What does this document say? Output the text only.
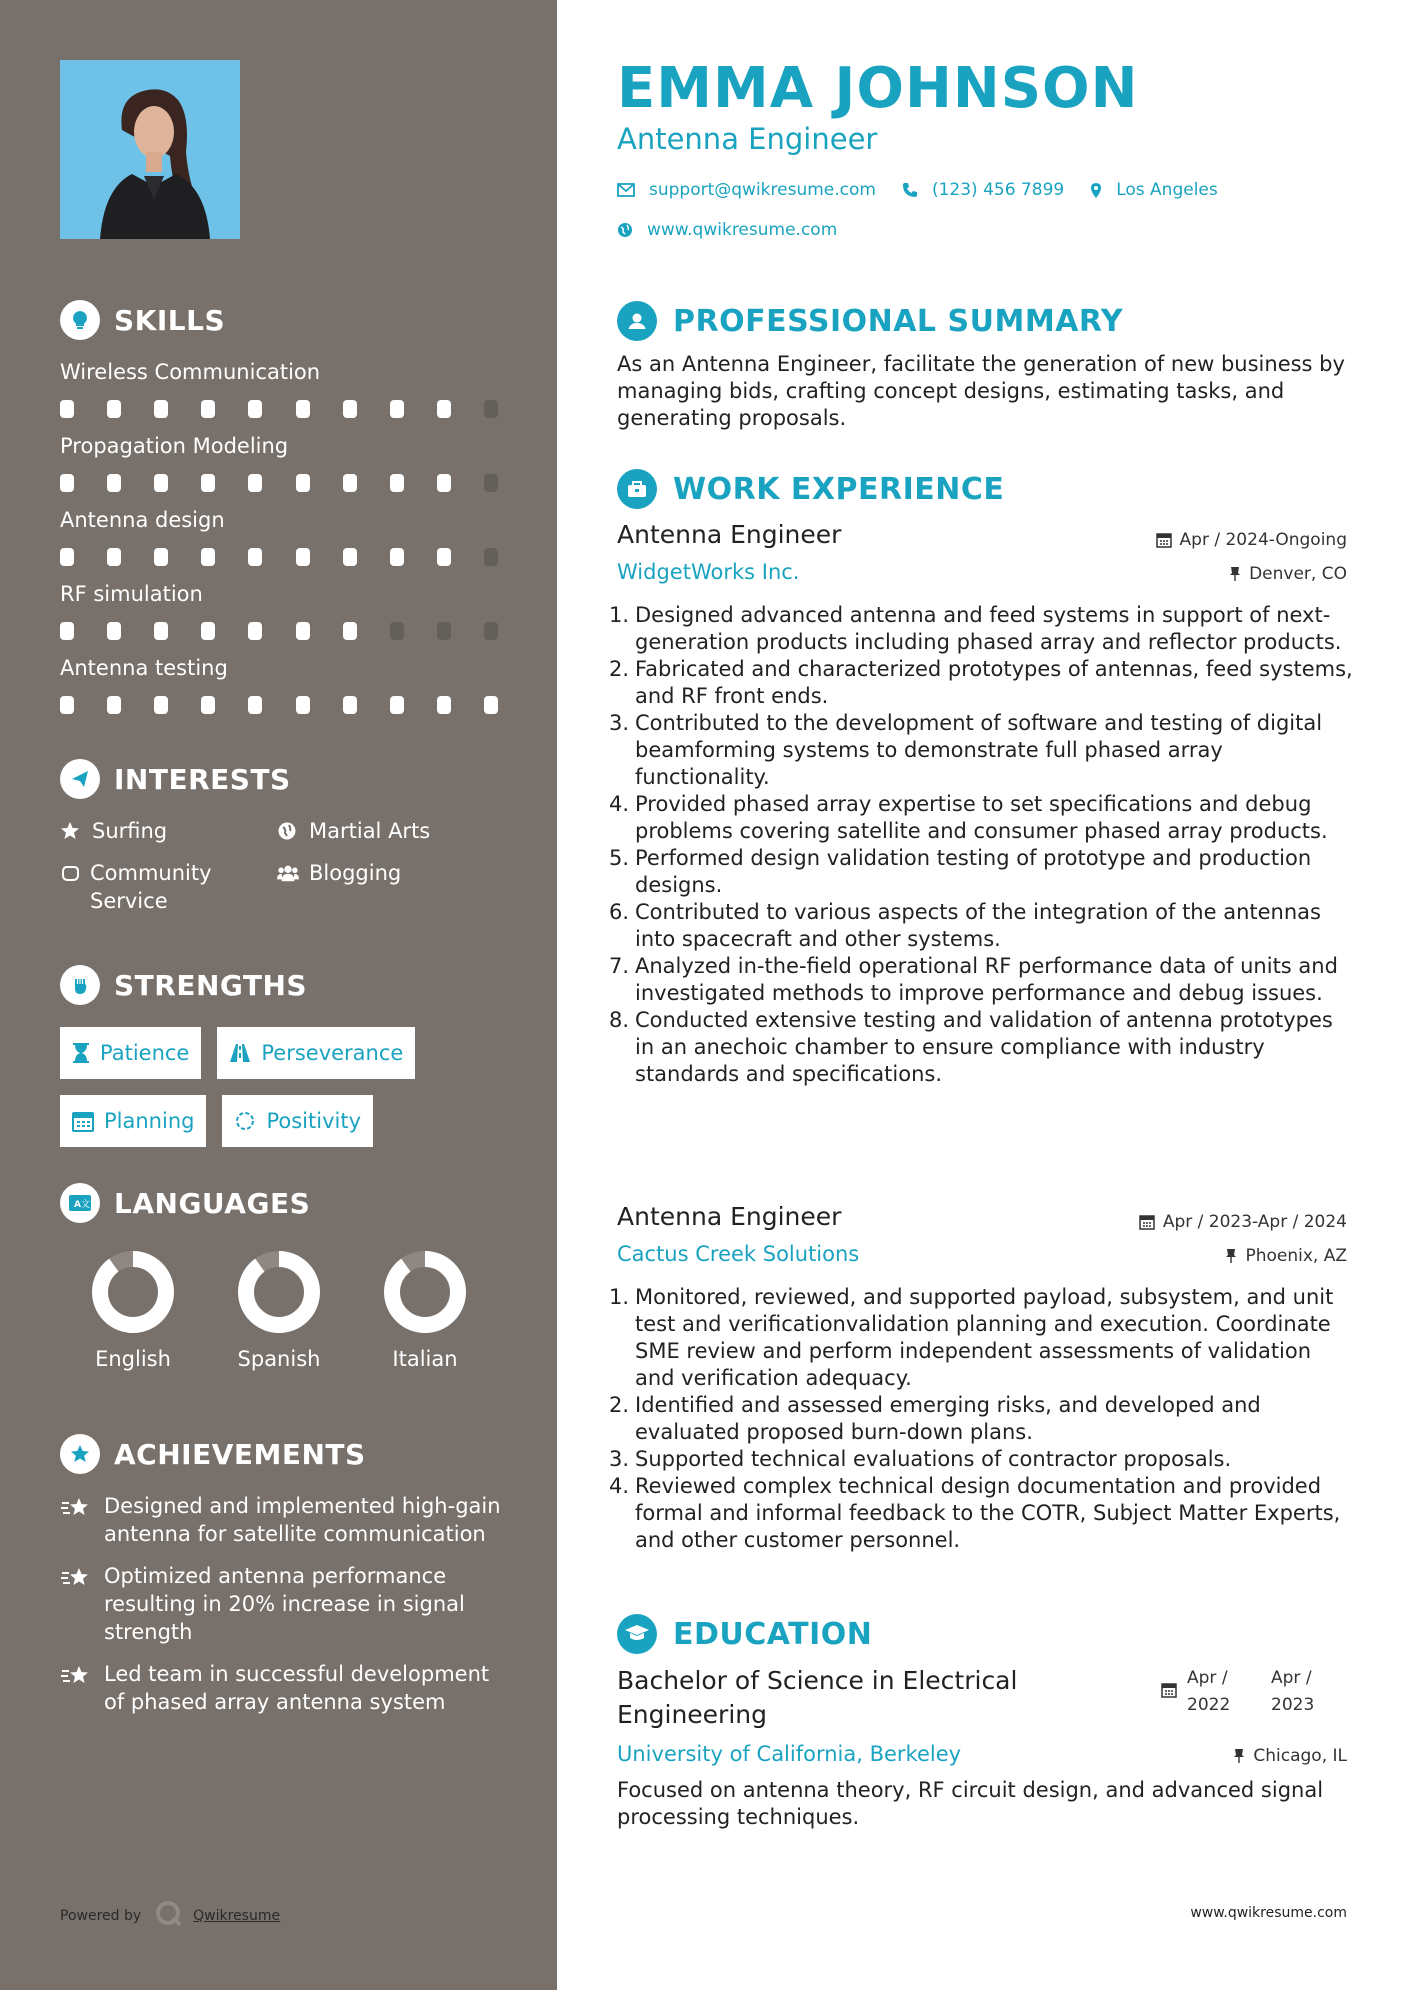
SKILLS
Wireless Communication
Propagation Modeling
Antenna design
RF simulation
Antenna testing
INTERESTS
Surfing	Martial Arts
Community Service
Blogging
STRENGTHS
Patience	Perseverance
Planning	Positivity
A 文 LANGUAGES
English	Spanish	Italian
ACHIEVEMENTS
Designed and implemented high-gain antenna for satellite communication
Optimized antenna performance resulting in 20% increase in signal strength
Led team in successful development of phased array antenna system
Powered by	Qwikresume
EMMA JOHNSON
Antenna Engineer
support@qwikresume.com	(123) 456 7899	Los Angeles
www.qwikresume.com
PROFESSIONAL SUMMARY
As an Antenna Engineer, facilitate the generation of new business by managing bids, crafting concept designs, estimating tasks, and generating proposals.
WORK EXPERIENCE
Antenna Engineer	Apr / 2024-Ongoing
WidgetWorks Inc.	Denver, CO
Designed advanced antenna and feed systems in support of next-generation products including phased array and reflector products.
Fabricated and characterized prototypes of antennas, feed systems, and RF front ends.
Contributed to the development of software and testing of digital beamforming systems to demonstrate full phased array functionality.
Provided phased array expertise to set specifications and debug problems covering satellite and consumer phased array products.
Performed design validation testing of prototype and production designs.
Contributed to various aspects of the integration of the antennas into spacecraft and other systems.
Analyzed in-the-field operational RF performance data of units and investigated methods to improve performance and debug issues.
Conducted extensive testing and validation of antenna prototypes in an anechoic chamber to ensure compliance with industry standards and specifications.
Antenna Engineer	Apr / 2023-Apr / 2024
Cactus Creek Solutions	Phoenix, AZ
Monitored, reviewed, and supported payload, subsystem, and unit test and verificationvalidation planning and execution. Coordinate SME review and perform independent assessments of validation and verification adequacy.
Identified and assessed emerging risks, and developed and evaluated proposed burn-down plans.
Supported technical evaluations of contractor proposals.
Reviewed complex technical design documentation and provided formal and informal feedback to the COTR, Subject Matter Experts, and other customer personnel.
EDUCATION
Bachelor of Science in Electrical Engineering
Apr / 2022
Apr / 2023
University of California, Berkeley	Chicago, IL
Focused on antenna theory, RF circuit design, and advanced signal processing techniques.
www.qwikresume.com
